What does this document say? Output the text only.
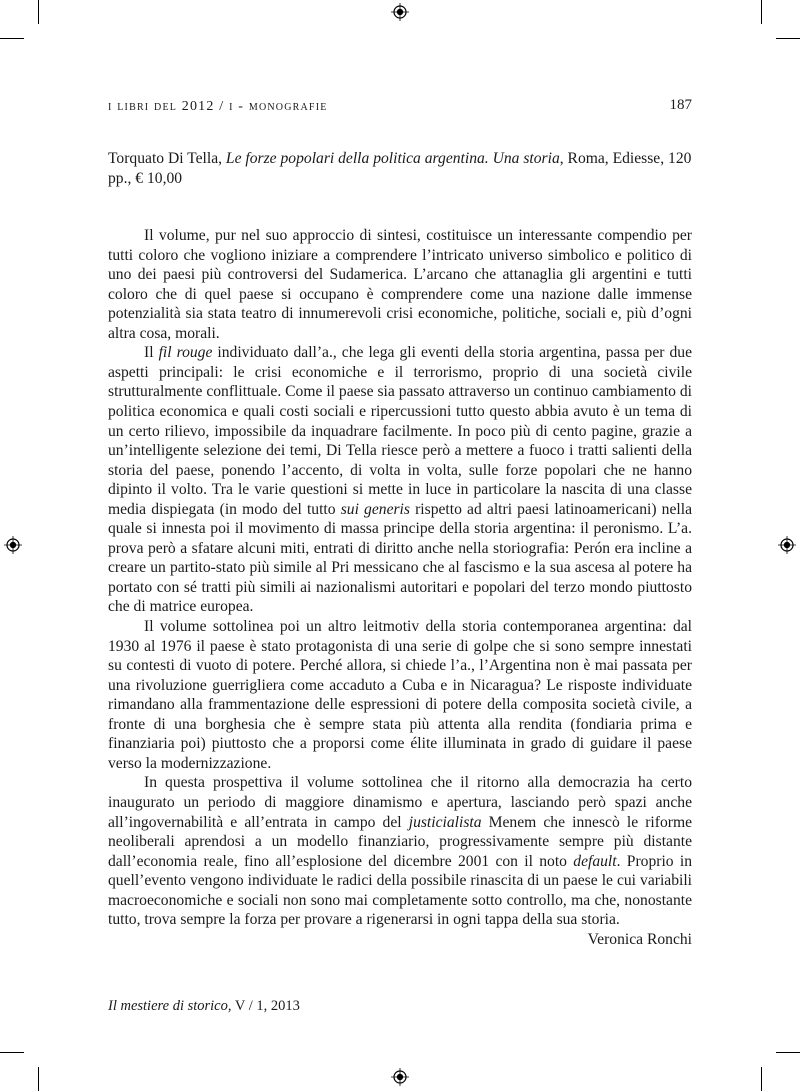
i libri del 2012 / i - monografie	187

Torquato Di Tella, Le forze popolari della politica argentina. Una storia, Roma, Ediesse, 120 pp., € 10,00

Il volume, pur nel suo approccio di sintesi, costituisce un interessante compendio per tutti coloro che vogliono iniziare a comprendere l’intricato universo simbolico e politico di uno dei paesi più controversi del Sudamerica. L’arcano che attanaglia gli argentini e tutti coloro che di quel paese si occupano è comprendere come una nazione dalle immense potenzialità sia stata teatro di innumerevoli crisi economiche, politiche, sociali e, più d’ogni altra cosa, morali.

Il fil rouge individuato dall’a., che lega gli eventi della storia argentina, passa per due aspetti principali: le crisi economiche e il terrorismo, proprio di una società civile strutturalmente conflittuale. Come il paese sia passato attraverso un continuo cambiamento di politica economica e quali costi sociali e ripercussioni tutto questo abbia avuto è un tema di un certo rilievo, impossibile da inquadrare facilmente. In poco più di cento pagine, grazie a un’intelligente selezione dei temi, Di Tella riesce però a mettere a fuoco i tratti salienti della storia del paese, ponendo l’accento, di volta in volta, sulle forze popolari che ne hanno dipinto il volto. Tra le varie questioni si mette in luce in particolare la nascita di una classe media dispiegata (in modo del tutto sui generis rispetto ad altri paesi latinoamericani) nella quale si innesta poi il movimento di massa principe della storia argentina: il peronismo. L’a. prova però a sfatare alcuni miti, entrati di diritto anche nella storiografia: Perón era incline a creare un partito-stato più simile al Pri messicano che al fascismo e la sua ascesa al potere ha portato con sé tratti più simili ai nazionalismi autoritari e popolari del terzo mondo piuttosto che di matrice europea.

Il volume sottolinea poi un altro leitmotiv della storia contemporanea argentina: dal 1930 al 1976 il paese è stato protagonista di una serie di golpe che si sono sempre innestati su contesti di vuoto di potere. Perché allora, si chiede l’a., l’Argentina non è mai passata per una rivoluzione guerrigliera come accaduto a Cuba e in Nicaragua? Le risposte individuate rimandano alla frammentazione delle espressioni di potere della composita società civile, a fronte di una borghesia che è sempre stata più attenta alla rendita (fondiaria prima e finanziaria poi) piuttosto che a proporsi come élite illuminata in grado di guidare il paese verso la modernizzazione.

In questa prospettiva il volume sottolinea che il ritorno alla democrazia ha certo inaugurato un periodo di maggiore dinamismo e apertura, lasciando però spazi anche all’ingovernabilità e all’entrata in campo del justicialista Menem che innescò le riforme neoliberali aprendosi a un modello finanziario, progressivamente sempre più distante dall’economia reale, fino all’esplosione del dicembre 2001 con il noto default. Proprio in quell’evento vengono individuate le radici della possibile rinascita di un paese le cui variabili macroeconomiche e sociali non sono mai completamente sotto controllo, ma che, nonostante tutto, trova sempre la forza per provare a rigenerarsi in ogni tappa della sua storia.

Veronica Ronchi
Il mestiere di storico, V / 1, 2013
